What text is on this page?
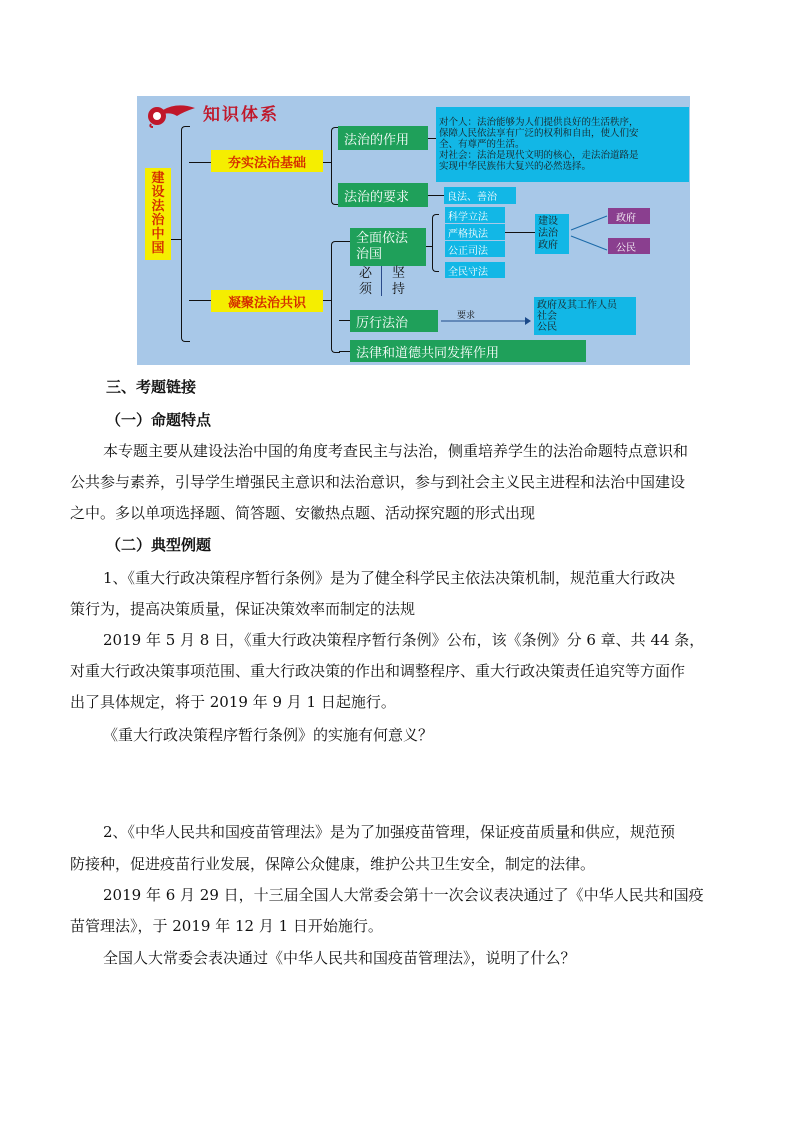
知识体系
建
设
法
治
中
国
夯实法治基础
法治的作用
对个人：法治能够为人们提供良好的生活秩序，
保障人民依法享有广泛的权利和自由，使人们安
全、有尊严的生活。
对社会：法治是现代文明的核心，走法治道路是
实现中华民族伟大复兴的必然选择。
法治的要求	良法、善治
凝聚法治共识
全面依法
治国
必
须
坚
持
科学立法
严格执法
公正司法
全民守法
建设
法治
政府
政府
公民
厉行法治	要求
政府及其工作人员
社会
公民
法律和道德共同发挥作用
三、考题链接
（一）命题特点
本专题主要从建设法治中国的角度考查民主与法治，侧重培养学生的法治命题特点意识和
公共参与素养，引导学生增强民主意识和法治意识，参与到社会主义民主进程和法治中国建设
之中。多以单项选择题、简答题、安徽热点题、活动探究题的形式出现
（二）典型例题
1、《重大行政决策程序暂行条例》是为了健全科学民主依法决策机制，规范重大行政决
策行为，提高决策质量，保证决策效率而制定的法规
2019 年 5 月 8 日，《重大行政决策程序暂行条例》公布，该《条例》分 6 章、共 44 条，
对重大行政决策事项范围、重大行政决策的作出和调整程序、重大行政决策责任追究等方面作
出了具体规定，将于 2019 年 9 月 1 日起施行。
《重大行政决策程序暂行条例》的实施有何意义？
2、《中华人民共和国疫苗管理法》是为了加强疫苗管理，保证疫苗质量和供应，规范预
防接种，促进疫苗行业发展，保障公众健康，维护公共卫生安全，制定的法律。
2019 年 6 月 29 日，十三届全国人大常委会第十一次会议表决通过了《中华人民共和国疫
苗管理法》，于 2019 年 12 月 1 日开始施行。
全国人大常委会表决通过《中华人民共和国疫苗管理法》，说明了什么？
